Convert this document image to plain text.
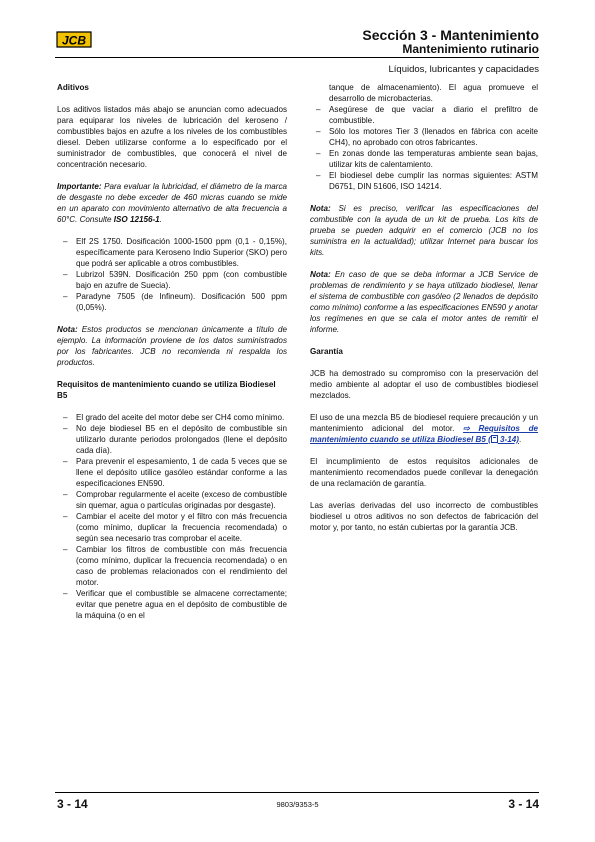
JCB	Sección 3 - Mantenimiento
Mantenimiento rutinario
Líquidos, lubricantes y capacidades

Aditivos

Los aditivos listados más abajo se anuncian como adecuados para equiparar los niveles de lubricación del keroseno / combustibles bajos en azufre a los niveles de los combustibles diesel. Deben utilizarse conforme a lo especificado por el suministrador de combustibles, que conocerá el nivel de concentración necesario.

Importante: Para evaluar la lubricidad, el diámetro de la marca de desgaste no debe exceder de 460 micras cuando se mide en un aparato con movimiento alternativo de alta frecuencia a 60°C. Consulte ISO 12156-1.

– Elf 2S 1750. Dosificación 1000-1500 ppm (0,1 - 0,15%), específicamente para Keroseno Indio Superior (SKO) pero que podrá ser aplicable a otros combustibles.
– Lubrizol 539N. Dosificación 250 ppm (con combustible bajo en azufre de Suecia).
– Paradyne 7505 (de Infineum). Dosificación 500 ppm (0,05%).

Nota: Estos productos se mencionan únicamente a título de ejemplo. La información proviene de los datos suministrados por los fabricantes. JCB no recomienda ni respalda los productos.

Requisitos de mantenimiento cuando se utiliza Biodiesel B5

– El grado del aceite del motor debe ser CH4 como mínimo.
– No deje biodiesel B5 en el depósito de combustible sin utilizarlo durante periodos prolongados (llene el depósito cada día).
– Para prevenir el espesamiento, 1 de cada 5 veces que se llene el depósito utilice gasóleo estándar conforme a las especificaciones EN590.
– Comprobar regularmente el aceite (exceso de combustible sin quemar, agua o partículas originadas por desgaste).
– Cambiar el aceite del motor y el filtro con más frecuencia (como mínimo, duplicar la frecuencia recomendada) o según sea necesario tras comprobar el aceite.
– Cambiar los filtros de combustible con más frecuencia (como mínimo, duplicar la frecuencia recomendada) o en caso de problemas relacionados con el rendimiento del motor.
– Verificar que el combustible se almacene correctamente; evitar que penetre agua en el depósito de combustible de la máquina (o en el
tanque de almacenamiento). El agua promueve el desarrollo de microbacterias.
– Asegúrese de que vaciar a diario el prefiltro de combustible.
– Sólo los motores Tier 3 (llenados en fábrica con aceite CH4), no aprobado con otros fabricantes.
– En zonas donde las temperaturas ambiente sean bajas, utilizar kits de calentamiento.
– El biodiesel debe cumplir las normas siguientes: ASTM D6751, DIN 51606, ISO 14214.

Nota: Si es preciso, verificar las especificaciones del combustible con la ayuda de un kit de prueba. Los kits de prueba se pueden adquirir en el comercio (JCB no los suministra en la actualidad); utilizar Internet para buscar los kits.

Nota: En caso de que se deba informar a JCB Service de problemas de rendimiento y se haya utilizado biodiesel, llenar el sistema de combustible con gasóleo (2 llenados de depósito como mínimo) conforme a las especificaciones EN590 y anotar los regímenes en que se cala el motor antes de remitir el informe.

Garantía

JCB ha demostrado su compromiso con la preservación del medio ambiente al adoptar el uso de combustibles biodiesel mezclados.

El uso de una mezcla B5 de biodiesel requiere precaución y un mantenimiento adicional del motor. ⇨ Requisitos de mantenimiento cuando se utiliza Biodiesel B5 ( 3-14).

El incumplimiento de estos requisitos adicionales de mantenimiento recomendados puede conllevar la denegación de una reclamación de garantía.

Las averías derivadas del uso incorrecto de combustibles biodiesel u otros aditivos no son defectos de fabricación del motor y, por tanto, no están cubiertas por la garantía JCB.

3 - 14	9803/9353-5	3 - 14
